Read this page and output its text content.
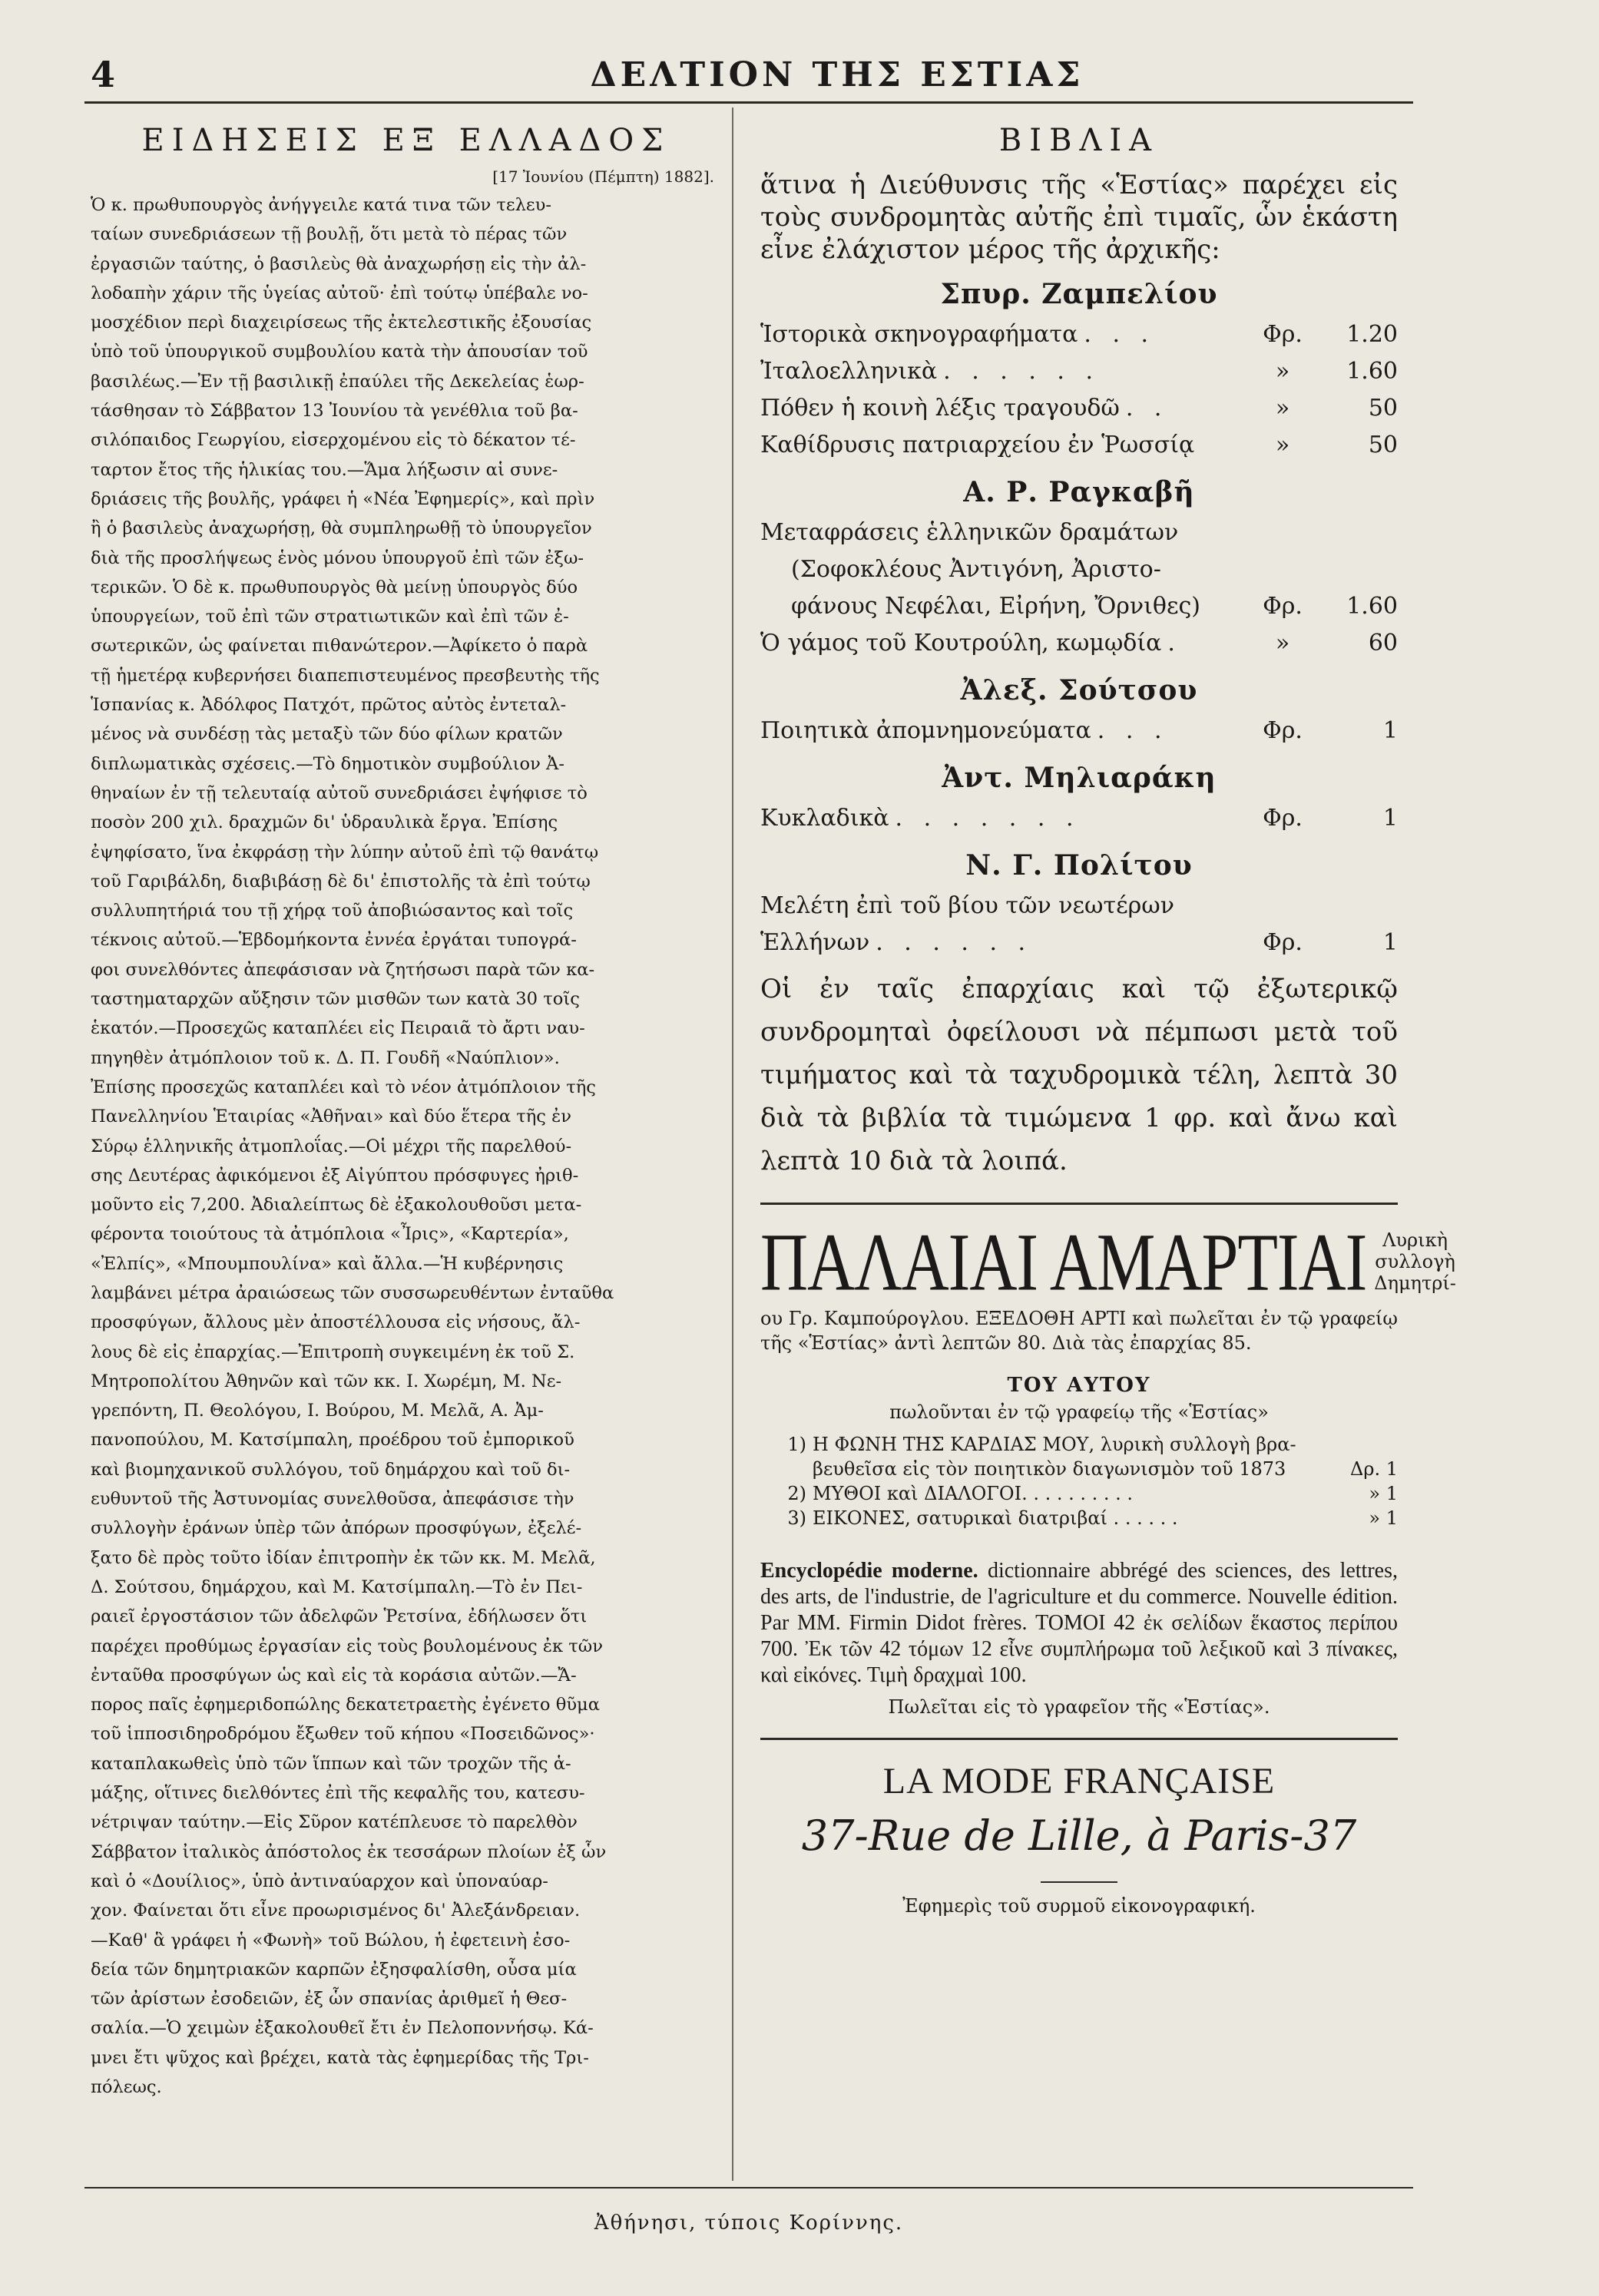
4	ΔΕΛΤΙΟΝ ΤΗΣ ΕΣΤΙΑΣ
ΕΙΔΗΣΕΙΣ ΕΞ ΕΛΛΑΔΟΣ
[17 Ἰουνίου (Πέμπτη) 1882].

Ὁ κ. πρωθυπουργὸς ἀνήγγειλε κατά τινα τῶν τελευ-

ταίων συνεδριάσεων τῇ βουλῇ, ὅτι μετὰ τὸ πέρας τῶν

ἐργασιῶν ταύτης, ὁ βασιλεὺς θὰ ἀναχωρήσῃ εἰς τὴν ἀλ-

λοδαπὴν χάριν τῆς ὑγείας αὐτοῦ· ἐπὶ τούτῳ ὑπέβαλε νο-

μοσχέδιον περὶ διαχειρίσεως τῆς ἐκτελεστικῆς ἐξουσίας

ὑπὸ τοῦ ὑπουργικοῦ συμβουλίου κατὰ τὴν ἀπουσίαν τοῦ

βασιλέως.—Ἐν τῇ βασιλικῇ ἐπαύλει τῆς Δεκελείας ἑωρ-

τάσθησαν τὸ Σάββατον 13 Ἰουνίου τὰ γενέθλια τοῦ βα-

σιλόπαιδος Γεωργίου, εἰσερχομένου εἰς τὸ δέκατον τέ-

ταρτον ἔτος τῆς ἡλικίας του.—Ἅμα λήξωσιν αἱ συνε-

δριάσεις τῆς βουλῆς, γράφει ἡ «Νέα Ἐφημερίς», καὶ πρὶν

ἢ ὁ βασιλεὺς ἀναχωρήσῃ, θὰ συμπληρωθῇ τὸ ὑπουργεῖον

διὰ τῆς προσλήψεως ἑνὸς μόνου ὑπουργοῦ ἐπὶ τῶν ἐξω-

τερικῶν. Ὁ δὲ κ. πρωθυπουργὸς θὰ μείνῃ ὑπουργὸς δύο

ὑπουργείων, τοῦ ἐπὶ τῶν στρατιωτικῶν καὶ ἐπὶ τῶν ἐ-

σωτερικῶν, ὡς φαίνεται πιθανώτερον.—Ἀφίκετο ὁ παρὰ

τῇ ἡμετέρᾳ κυβερνήσει διαπεπιστευμένος πρεσβευτὴς τῆς

Ἱσπανίας κ. Ἀδόλφος Πατχότ, πρῶτος αὐτὸς ἐντεταλ-

μένος νὰ συνδέσῃ τὰς μεταξὺ τῶν δύο φίλων κρατῶν

διπλωματικὰς σχέσεις.—Τὸ δημοτικὸν συμβούλιον Ἀ-

θηναίων ἐν τῇ τελευταίᾳ αὐτοῦ συνεδριάσει ἐψήφισε τὸ

ποσὸν 200 χιλ. δραχμῶν δι' ὑδραυλικὰ ἔργα. Ἐπίσης

ἐψηφίσατο, ἵνα ἐκφράσῃ τὴν λύπην αὐτοῦ ἐπὶ τῷ θανάτῳ

τοῦ Γαριβάλδη, διαβιβάσῃ δὲ δι' ἐπιστολῆς τὰ ἐπὶ τούτῳ

συλλυπητήριά του τῇ χήρᾳ τοῦ ἀποβιώσαντος καὶ τοῖς

τέκνοις αὐτοῦ.—Ἑβδομήκοντα ἐννέα ἐργάται τυπογρά-

φοι συνελθόντες ἀπεφάσισαν νὰ ζητήσωσι παρὰ τῶν κα-

ταστηματαρχῶν αὔξησιν τῶν μισθῶν των κατὰ 30 τοῖς

ἑκατόν.—Προσεχῶς καταπλέει εἰς Πειραιᾶ τὸ ἄρτι ναυ-

πηγηθὲν ἀτμόπλοιον τοῦ κ. Δ. Π. Γουδῆ «Ναύπλιον».

Ἐπίσης προσεχῶς καταπλέει καὶ τὸ νέον ἀτμόπλοιον τῆς

Πανελληνίου Ἑταιρίας «Ἀθῆναι» καὶ δύο ἕτερα τῆς ἐν

Σύρῳ ἑλληνικῆς ἀτμοπλοΐας.—Οἱ μέχρι τῆς παρελθού-

σης Δευτέρας ἀφικόμενοι ἐξ Αἰγύπτου πρόσφυγες ἠριθ-

μοῦντο εἰς 7,200. Ἀδιαλείπτως δὲ ἐξακολουθοῦσι μετα-

φέροντα τοιούτους τὰ ἀτμόπλοια «Ἶρις», «Καρτερία»,

«Ἐλπίς», «Μπουμπουλίνα» καὶ ἄλλα.—Ἡ κυβέρνησις

λαμβάνει μέτρα ἀραιώσεως τῶν συσσωρευθέντων ἐνταῦθα

προσφύγων, ἄλλους μὲν ἀποστέλλουσα εἰς νήσους, ἄλ-

λους δὲ εἰς ἐπαρχίας.—Ἐπιτροπὴ συγκειμένη ἐκ τοῦ Σ.

Μητροπολίτου Ἀθηνῶν καὶ τῶν κκ. Ι. Χωρέμη, Μ. Νε-

γρεπόντη, Π. Θεολόγου, Ι. Βούρου, Μ. Μελᾶ, Α. Ἀμ-

πανοπούλου, Μ. Κατσίμπαλη, προέδρου τοῦ ἐμπορικοῦ

καὶ βιομηχανικοῦ συλλόγου, τοῦ δημάρχου καὶ τοῦ δι-

ευθυντοῦ τῆς Ἀστυνομίας συνελθοῦσα, ἀπεφάσισε τὴν

συλλογὴν ἐράνων ὑπὲρ τῶν ἀπόρων προσφύγων, ἐξελέ-

ξατο δὲ πρὸς τοῦτο ἰδίαν ἐπιτροπὴν ἐκ τῶν κκ. Μ. Μελᾶ,

Δ. Σούτσου, δημάρχου, καὶ Μ. Κατσίμπαλη.—Τὸ ἐν Πει-

ραιεῖ ἐργοστάσιον τῶν ἀδελφῶν Ῥετσίνα, ἐδήλωσεν ὅτι

παρέχει προθύμως ἐργασίαν εἰς τοὺς βουλομένους ἐκ τῶν

ἐνταῦθα προσφύγων ὡς καὶ εἰς τὰ κοράσια αὐτῶν.—Ἄ-

πορος παῖς ἐφημεριδοπώλης δεκατετραετὴς ἐγένετο θῦμα

τοῦ ἱπποσιδηροδρόμου ἔξωθεν τοῦ κήπου «Ποσειδῶνος»·

καταπλακωθεὶς ὑπὸ τῶν ἵππων καὶ τῶν τροχῶν τῆς ἁ-

μάξης, οἵτινες διελθόντες ἐπὶ τῆς κεφαλῆς του, κατεσυ-

νέτριψαν ταύτην.—Εἰς Σῦρον κατέπλευσε τὸ παρελθὸν

Σάββατον ἰταλικὸς ἀπόστολος ἐκ τεσσάρων πλοίων ἐξ ὧν

καὶ ὁ «Δουίλιος», ὑπὸ ἀντιναύαρχον καὶ ὑποναύαρ-

χον. Φαίνεται ὅτι εἶνε προωρισμένος δι' Ἀλεξάνδρειαν.

—Καθ' ἃ γράφει ἡ «Φωνὴ» τοῦ Βώλου, ἡ ἐφετεινὴ ἐσο-

δεία τῶν δημητριακῶν καρπῶν ἐξησφαλίσθη, οὖσα μία

τῶν ἀρίστων ἐσοδειῶν, ἐξ ὧν σπανίας ἀριθμεῖ ἡ Θεσ-

σαλία.—Ὁ χειμὼν ἐξακολουθεῖ ἔτι ἐν Πελοποννήσῳ. Κά-

μνει ἔτι ψῦχος καὶ βρέχει, κατὰ τὰς ἐφημερίδας τῆς Τρι-

πόλεως.

ΒΙΒΛΙΑ

ἅτινα ἡ Διεύθυνσις τῆς «Ἑστίας» παρέχει εἰς τοὺς συνδρομητὰς αὐτῆς ἐπὶ τιμαῖς, ὧν ἑκάστη εἶνε ἐλάχιστον μέρος τῆς ἀρχικῆς:

Σπυρ. Ζαμπελίου
Ἱστορικὰ σκηνογραφήματα . . .	Φρ.	1.20
Ἰταλοελληνικὰ . . . . . .	»	1.60
Πόθεν ἡ κοινὴ λέξις τραγουδῶ . .	»	50
Καθίδρυσις πατριαρχείου ἐν Ῥωσσίᾳ	»	50
Α. Ρ. Ραγκαβῆ
Μεταφράσεις ἑλληνικῶν δραμάτων
(Σοφοκλέους Ἀντιγόνη, Ἀριστο-
φάνους Νεφέλαι, Εἰρήνη, Ὄρνιθες)	Φρ.	1.60
Ὁ γάμος τοῦ Κουτρούλη, κωμῳδία .	»	60
Ἀλεξ. Σούτσου
Ποιητικὰ ἀπομνημονεύματα . . .	Φρ.	1
Ἀντ. Μηλιαράκη
Κυκλαδικὰ . . . . . . .	Φρ.	1
Ν. Γ. Πολίτου
Μελέτη ἐπὶ τοῦ βίου τῶν νεωτέρων
Ἑλλήνων . . . . . .	Φρ.	1

Οἱ ἐν ταῖς ἐπαρχίαις καὶ τῷ ἐξωτερικῷ συνδρομηταὶ ὀφείλουσι νὰ πέμπωσι μετὰ τοῦ τιμήματος καὶ τὰ ταχυδρομικὰ τέλη, λεπτὰ 30 διὰ τὰ βιβλία τὰ τιμώμενα 1 φρ. καὶ ἄνω καὶ λεπτὰ 10 διὰ τὰ λοιπά.

ΠΑΛΑΙΑΙ ΑΜΑΡΤΙΑΙ Λυρικὴ
συλλογὴ
Δημητρί-

ου Γρ. Καμπούρογλου. ΕΞΕΔΟΘΗ ΑΡΤΙ καὶ πωλεῖται ἐν τῷ γραφείῳ τῆς «Ἑστίας» ἀντὶ λεπτῶν 80. Διὰ τὰς ἐπαρχίας 85.

ΤΟΥ ΑΥΤΟΥ
πωλοῦνται ἐν τῷ γραφείῳ τῆς «Ἑστίας»
1) Η ΦΩΝΗ ΤΗΣ ΚΑΡΔΙΑΣ ΜΟΥ, λυρικὴ συλλογὴ βρα-
βευθεῖσα εἰς τὸν ποιητικὸν διαγωνισμὸν τοῦ 1873	Δρ. 1
2) ΜΥΘΟΙ καὶ ΔΙΑΛΟΓΟΙ. . . . . . . . . .	» 1
3) ΕΙΚΟΝΕΣ, σατυρικαὶ διατριβαί . . . . . .	» 1

Encyclopédie moderne. dictionnaire abbrégé des sciences, des lettres, des arts, de l'industrie, de l'agriculture et du commerce. Nouvelle édition. Par MM. Firmin Didot frères. ΤΟΜΟΙ 42 ἐκ σελίδων ἕκαστος περίπου 700. Ἐκ τῶν 42 τόμων 12 εἶνε συμπλήρωμα τοῦ λεξικοῦ καὶ 3 πίνακες, καὶ εἰκόνες. Τιμὴ δραχμαὶ 100.

Πωλεῖται εἰς τὸ γραφεῖον τῆς «Ἑστίας».

LA MODE FRANÇAISE

37-Rue de Lille, à Paris-37

Ἐφημερὶς τοῦ συρμοῦ εἰκονογραφική.

Ἀθήνησι, τύποις Κορίννης.
